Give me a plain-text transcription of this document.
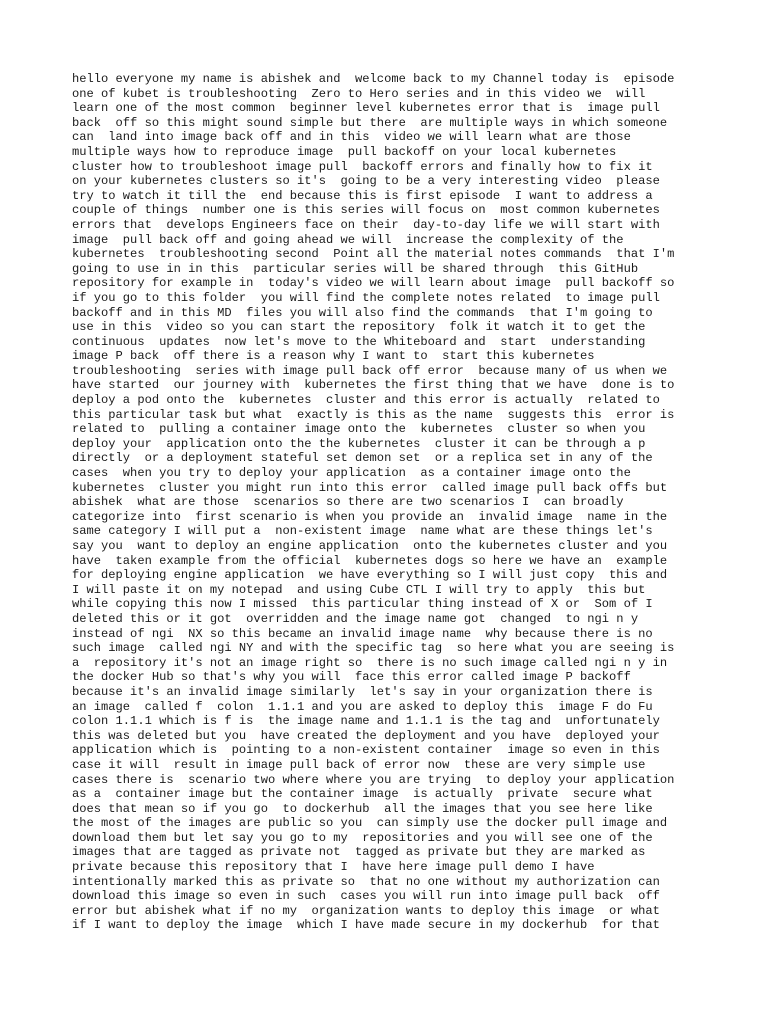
hello everyone my name is abishek and  welcome back to my Channel today is  episode
one of kubet is troubleshooting  Zero to Hero series and in this video we  will
learn one of the most common  beginner level kubernetes error that is  image pull
back  off so this might sound simple but there  are multiple ways in which someone
can  land into image back off and in this  video we will learn what are those
multiple ways how to reproduce image  pull backoff on your local kubernetes
cluster how to troubleshoot image pull  backoff errors and finally how to fix it
on your kubernetes clusters so it's  going to be a very interesting video  please
try to watch it till the  end because this is first episode  I want to address a
couple of things  number one is this series will focus on  most common kubernetes
errors that  develops Engineers face on their  day-to-day life we will start with
image  pull back off and going ahead we will  increase the complexity of the
kubernetes  troubleshooting second  Point all the material notes commands  that I'm
going to use in in this  particular series will be shared through  this GitHub
repository for example in  today's video we will learn about image  pull backoff so
if you go to this folder  you will find the complete notes related  to image pull
backoff and in this MD  files you will also find the commands  that I'm going to
use in this  video so you can start the repository  folk it watch it to get the
continuous  updates  now let's move to the Whiteboard and  start  understanding
image P back  off there is a reason why I want to  start this kubernetes
troubleshooting  series with image pull back off error  because many of us when we
have started  our journey with  kubernetes the first thing that we have  done is to
deploy a pod onto the  kubernetes  cluster and this error is actually  related to
this particular task but what  exactly is this as the name  suggests this  error is
related to  pulling a container image onto the  kubernetes  cluster so when you
deploy your  application onto the the kubernetes  cluster it can be through a p
directly  or a deployment stateful set demon set  or a replica set in any of the
cases  when you try to deploy your application  as a container image onto the
kubernetes  cluster you might run into this error  called image pull back offs but
abishek  what are those  scenarios so there are two scenarios I  can broadly
categorize into  first scenario is when you provide an  invalid image  name in the
same category I will put a  non-existent image  name what are these things let's
say you  want to deploy an engine application  onto the kubernetes cluster and you
have  taken example from the official  kubernetes dogs so here we have an  example
for deploying engine application  we have everything so I will just copy  this and
I will paste it on my notepad  and using Cube CTL I will try to apply  this but
while copying this now I missed  this particular thing instead of X or  Som of I
deleted this or it got  overridden and the image name got  changed  to ngi n y
instead of ngi  NX so this became an invalid image name  why because there is no
such image  called ngi NY and with the specific tag  so here what you are seeing is
a  repository it's not an image right so  there is no such image called ngi n y in
the docker Hub so that's why you will  face this error called image P backoff
because it's an invalid image similarly  let's say in your organization there is
an image  called f  colon  1.1.1 and you are asked to deploy this  image F do Fu
colon 1.1.1 which is f is  the image name and 1.1.1 is the tag and  unfortunately
this was deleted but you  have created the deployment and you have  deployed your
application which is  pointing to a non-existent container  image so even in this
case it will  result in image pull back of error now  these are very simple use
cases there is  scenario two where where you are trying  to deploy your application
as a  container image but the container image  is actually  private  secure what
does that mean so if you go  to dockerhub  all the images that you see here like
the most of the images are public so you  can simply use the docker pull image and
download them but let say you go to my  repositories and you will see one of the
images that are tagged as private not  tagged as private but they are marked as
private because this repository that I  have here image pull demo I have
intentionally marked this as private so  that no one without my authorization can
download this image so even in such  cases you will run into image pull back  off
error but abishek what if no my  organization wants to deploy this image  or what
if I want to deploy the image  which I have made secure in my dockerhub  for that
